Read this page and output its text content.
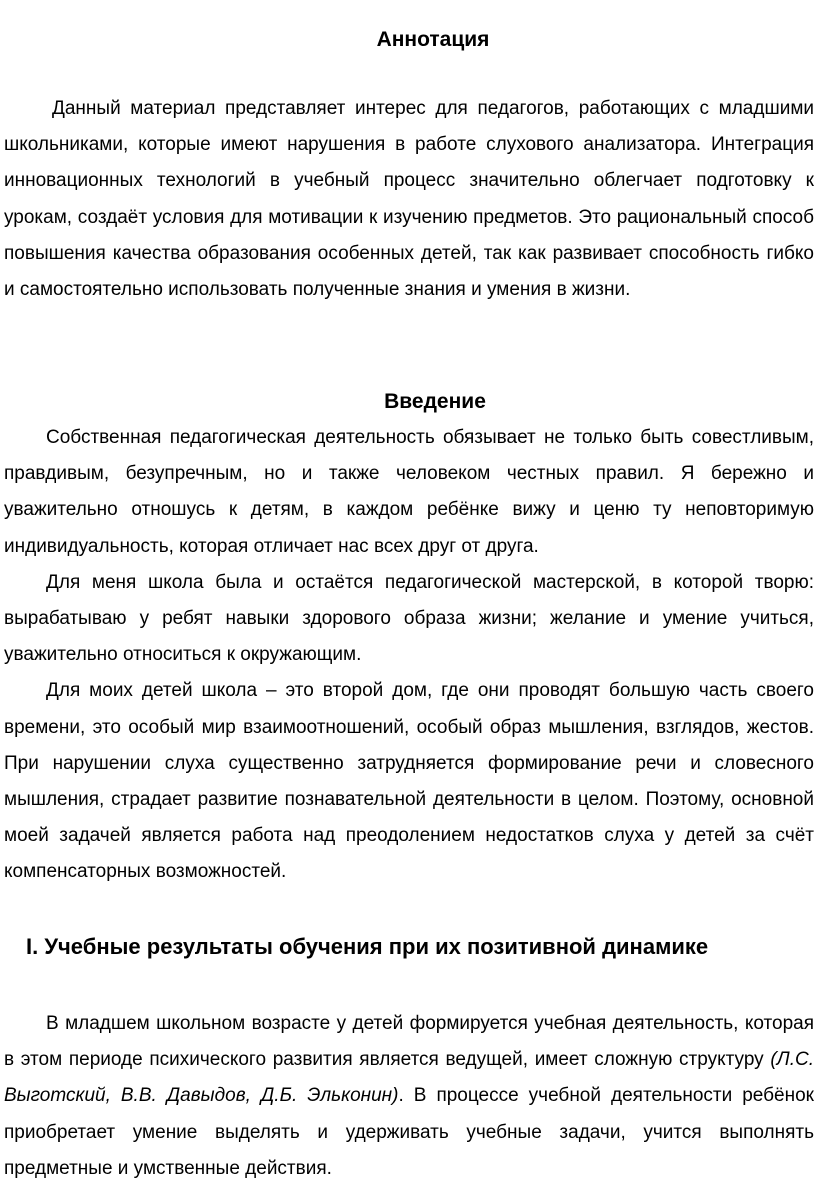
Аннотация

Данный материал представляет интерес для педагогов, работающих с младшими школьниками, которые имеют нарушения в работе слухового анализатора. Интеграция инновационных технологий в учебный процесс значительно облегчает подготовку к урокам, создаёт условия для мотивации к изучению предметов. Это рациональный способ повышения качества образования особенных детей, так как развивает способность гибко и самостоятельно использовать полученные знания и умения в жизни.

Введение

Собственная педагогическая деятельность обязывает не только быть совестливым, правдивым, безупречным, но и также человеком честных правил. Я бережно и уважительно отношусь к детям, в каждом ребёнке вижу и ценю ту неповторимую индивидуальность, которая отличает нас всех друг от друга.

Для меня школа была и остаётся педагогической мастерской, в которой творю: вырабатываю у ребят навыки здорового образа жизни; желание и умение учиться, уважительно относиться к окружающим.

Для моих детей школа – это второй дом, где они проводят большую часть своего времени, это особый мир взаимоотношений, особый образ мышления, взглядов, жестов. При нарушении слуха существенно затрудняется формирование речи и словесного мышления, страдает развитие познавательной деятельности в целом. Поэтому, основной моей задачей является работа над преодолением недостатков слуха у детей за счёт компенсаторных возможностей.

I. Учебные результаты обучения при их позитивной динамике

В младшем школьном возрасте у детей формируется учебная деятельность, которая в этом периоде психического развития является ведущей, имеет сложную структуру (Л.С. Выготский, В.В. Давыдов, Д.Б. Эльконин). В процессе учебной деятельности ребёнок приобретает умение выделять и удерживать учебные задачи, учится выполнять предметные и умственные действия.
